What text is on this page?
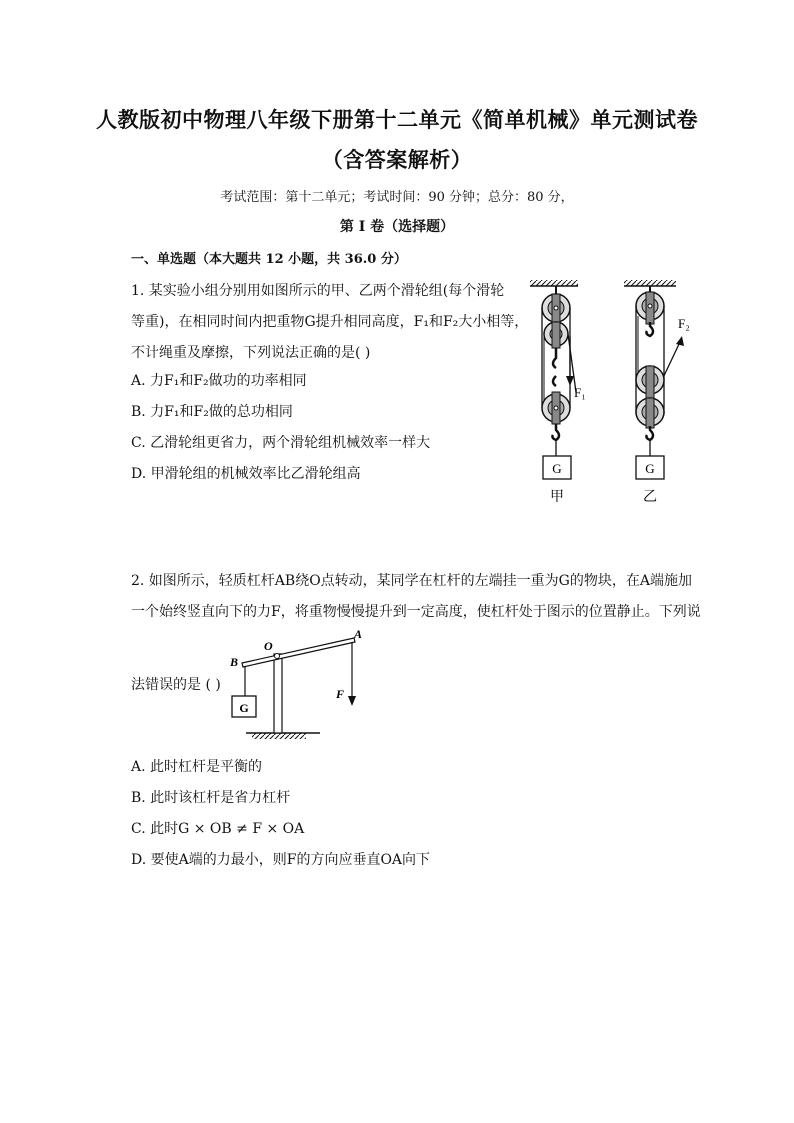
人教版初中物理八年级下册第十二单元《简单机械》单元测试卷
（含答案解析）
考试范围：第十二单元；考试时间：90 分钟；总分：80 分，
第 I 卷（选择题）
一、单选题（本大题共 12 小题，共 36.0 分）
1. 某实验小组分别用如图所示的甲、乙两个滑轮组(每个滑轮
等重)，在相同时间内把重物G提升相同高度，F₁和F₂大小相等，
不计绳重及摩擦，下列说法正确的是( )
A. 力F₁和F₂做功的功率相同
B. 力F₁和F₂做的总功相同
C. 乙滑轮组更省力，两个滑轮组机械效率一样大
D. 甲滑轮组的机械效率比乙滑轮组高
F₁
G
甲
F₂
G
乙
2. 如图所示，轻质杠杆AB绕O点转动，某同学在杠杆的左端挂一重为G的物块，在A端施加
一个始终竖直向下的力F，将重物慢慢提升到一定高度，使杠杆处于图示的位置静止。下列说
法错误的是 ( )
O
A
B
G
F
A. 此时杠杆是平衡的
B. 此时该杠杆是省力杠杆
C. 此时G × OB ≠ F × OA
D. 要使A端的力最小，则F的方向应垂直OA向下
